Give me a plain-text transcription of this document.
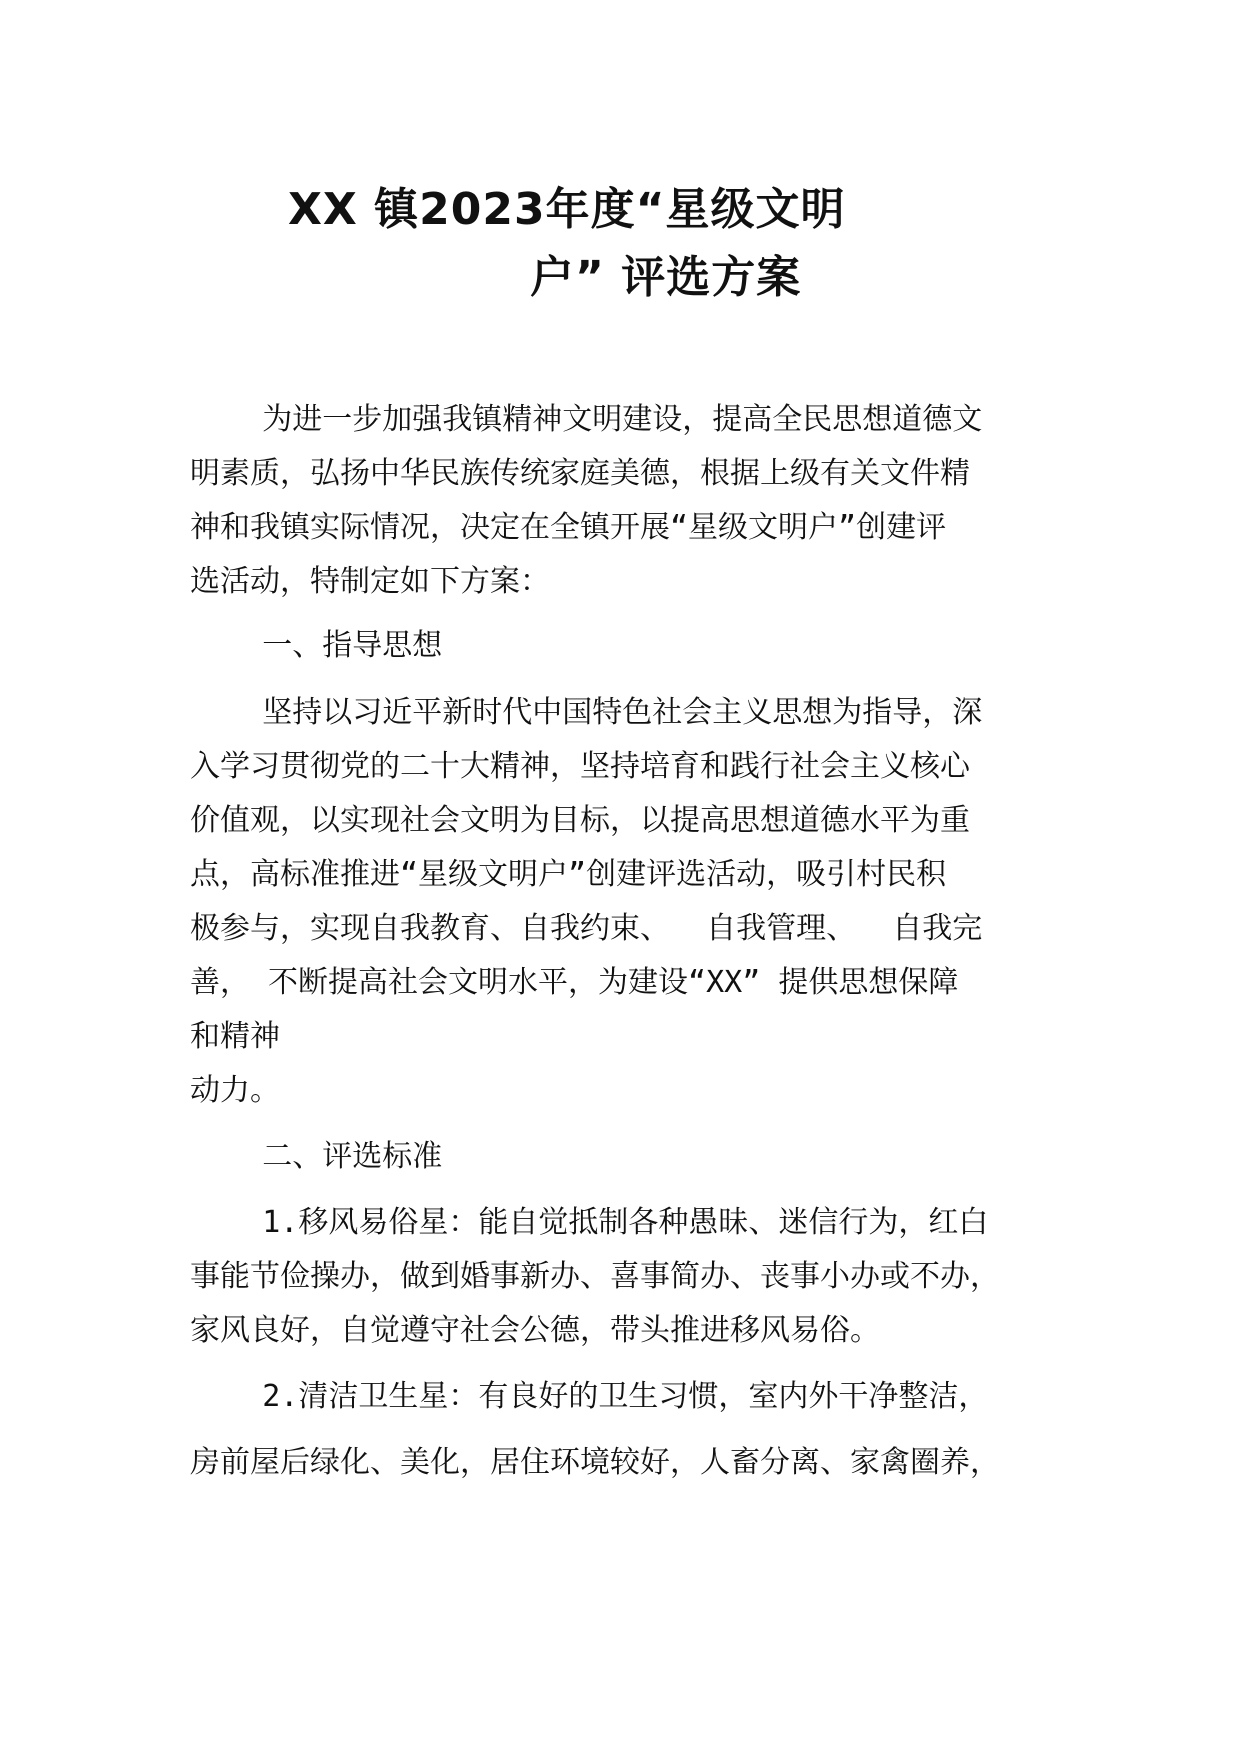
XX 镇2023年度“星级文明
户” 评选方案
为进一步加强我镇精神文明建设，提高全民思想道德文
明素质，弘扬中华民族传统家庭美德，根据上级有关文件精
神和我镇实际情况，决定在全镇开展“星级文明户”创建评
选活动，特制定如下方案：
一、指导思想
坚持以习近平新时代中国特色社会主义思想为指导，深
入学习贯彻党的二十大精神，坚持培育和践行社会主义核心
价值观，以实现社会文明为目标，以提高思想道德水平为重
点，高标准推进“星级文明户”创建评选活动，吸引村民积
极参与，实现自我教育、自我约束、  自我管理、  自我完
善， 不断提高社会文明水平，为建设“XX” 提供思想保障
和精神
动力。
二、评选标准
1.移风易俗星：能自觉抵制各种愚昧、迷信行为，红白
事能节俭操办，做到婚事新办、喜事简办、丧事小办或不办，
家风良好，自觉遵守社会公德，带头推进移风易俗。
2.清洁卫生星：有良好的卫生习惯，室内外干净整洁，
房前屋后绿化、美化，居住环境较好，人畜分离、家禽圈养，
